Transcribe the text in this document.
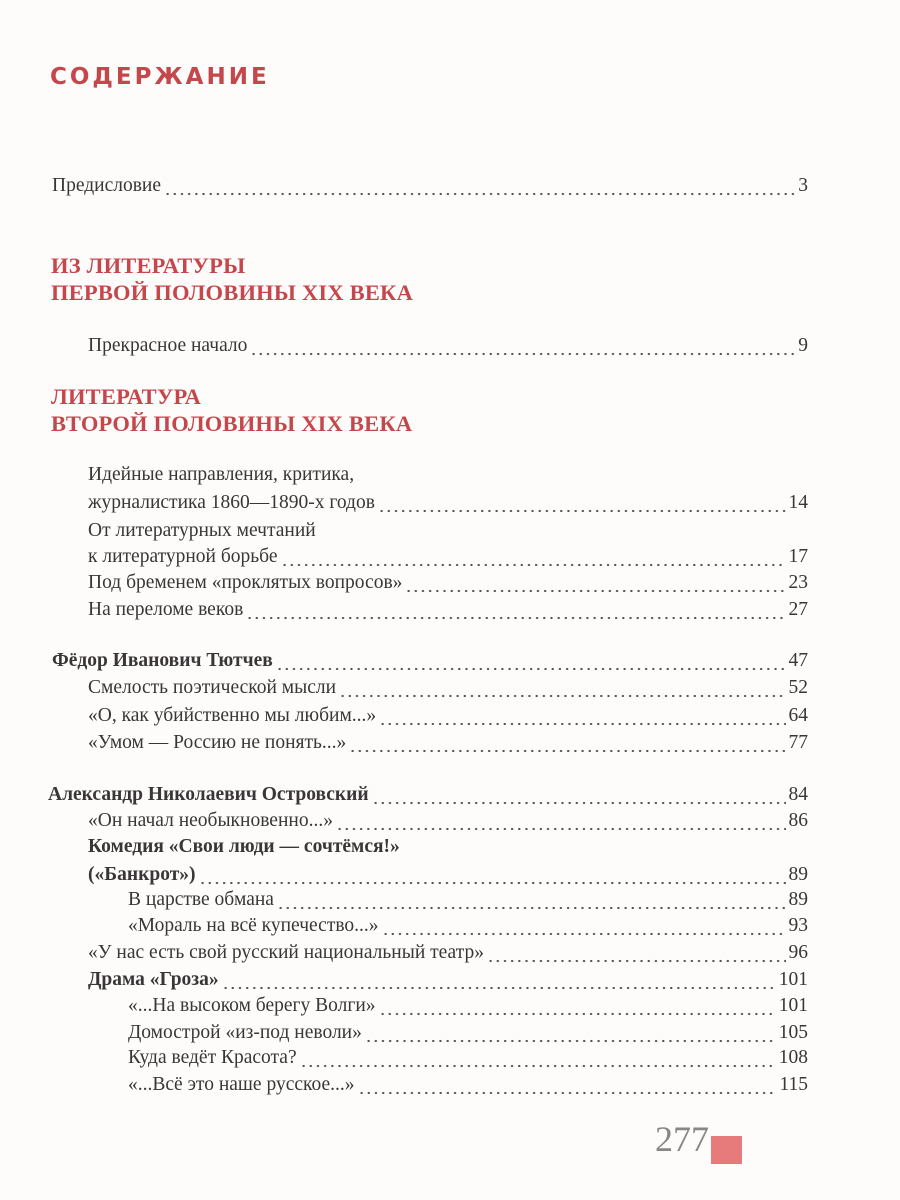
СОДЕРЖАНИЕ
Предисловие	3
ИЗ ЛИТЕРАТУРЫ
ПЕРВОЙ ПОЛОВИНЫ XIX ВЕКА
Прекрасное начало	9
ЛИТЕРАТУРА
ВТОРОЙ ПОЛОВИНЫ XIX ВЕКА
Идейные направления, критика,
журналистика 1860—1890-х годов	14
От литературных мечтаний
к литературной борьбе	17
Под бременем «проклятых вопросов»	23
На переломе веков	27
Фёдор Иванович Тютчев	47
Смелость поэтической мысли	52
«О, как убийственно мы любим...»	64
«Умом — Россию не понять...»	77
Александр Николаевич Островский	84
«Он начал необыкновенно...»	86
Комедия «Свои люди — сочтёмся!»
(«Банкрот»)	89
В царстве обмана	89
«Мораль на всё купечество...»	93
«У нас есть свой русский национальный театр»	96
Драма «Гроза»	101
«...На высоком берегу Волги»	101
Домострой «из-под неволи»	105
Куда ведёт Красота?	108
«...Всё это наше русское...»	115
277
